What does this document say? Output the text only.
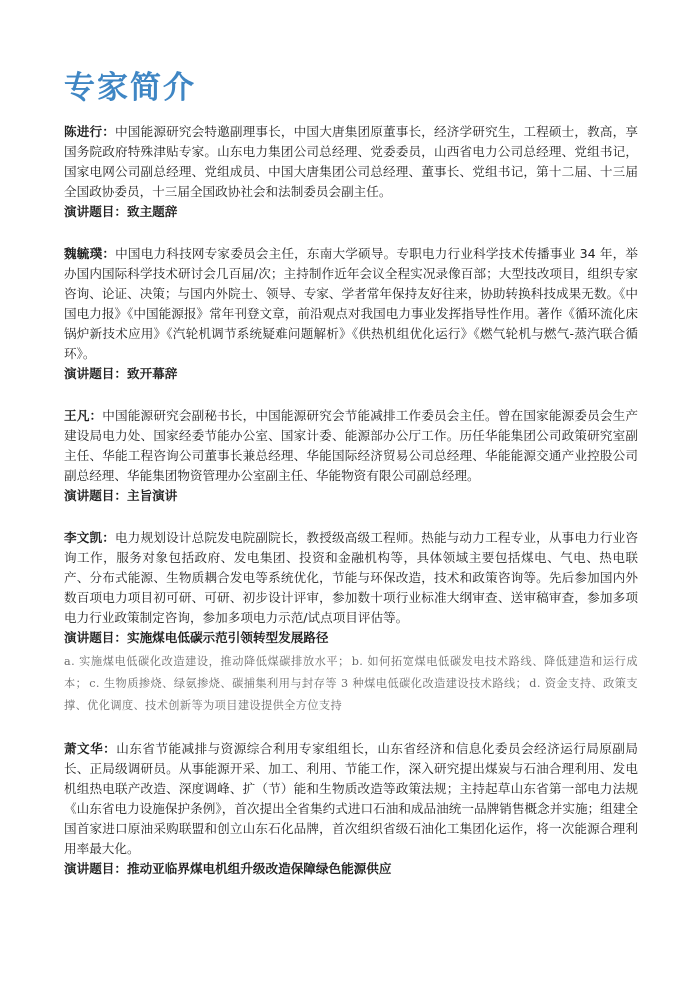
专家简介

陈进行：中国能源研究会特邀副理事长，中国大唐集团原董事长，经济学研究生，工程硕士，教高，享国务院政府特殊津贴专家。山东电力集团公司总经理、党委委员，山西省电力公司总经理、党组书记，国家电网公司副总经理、党组成员、中国大唐集团公司总经理、董事长、党组书记，第十二届、十三届全国政协委员，十三届全国政协社会和法制委员会副主任。

演讲题目：致主题辞

魏毓璞：中国电力科技网专家委员会主任，东南大学硕导。专职电力行业科学技术传播事业 34 年，举办国内国际科学技术研讨会几百届/次；主持制作近年会议全程实况录像百部；大型技改项目，组织专家咨询、论证、决策；与国内外院士、领导、专家、学者常年保持友好往来，协助转换科技成果无数。《中国电力报》《中国能源报》常年刊登文章，前沿观点对我国电力事业发挥指导性作用。著作《循环流化床锅炉新技术应用》《汽轮机调节系统疑难问题解析》《供热机组优化运行》《燃气轮机与燃气-蒸汽联合循环》。

演讲题目：致开幕辞

王凡：中国能源研究会副秘书长，中国能源研究会节能减排工作委员会主任。曾在国家能源委员会生产建设局电力处、国家经委节能办公室、国家计委、能源部办公厅工作。历任华能集团公司政策研究室副主任、华能工程咨询公司董事长兼总经理、华能国际经济贸易公司总经理、华能能源交通产业控股公司副总经理、华能集团物资管理办公室副主任、华能物资有限公司副总经理。

演讲题目：主旨演讲

李文凯：电力规划设计总院发电院副院长，教授级高级工程师。热能与动力工程专业，从事电力行业咨询工作，服务对象包括政府、发电集团、投资和金融机构等，具体领域主要包括煤电、气电、热电联产、分布式能源、生物质耦合发电等系统优化，节能与环保改造，技术和政策咨询等。先后参加国内外数百项电力项目初可研、可研、初步设计评审，参加数十项行业标准大纲审查、送审稿审查，参加多项电力行业政策制定咨询，参加多项电力示范/试点项目评估等。

演讲题目：实施煤电低碳示范引领转型发展路径

a. 实施煤电低碳化改造建设，推动降低煤碳排放水平； b. 如何拓宽煤电低碳发电技术路线、降低建造和运行成本； c. 生物质掺烧、绿氨掺烧、碳捕集利用与封存等 3 种煤电低碳化改造建设技术路线； d. 资金支持、政策支撑、优化调度、技术创新等为项目建设提供全方位支持

萧文华：山东省节能减排与资源综合利用专家组组长，山东省经济和信息化委员会经济运行局原副局长、正局级调研员。从事能源开采、加工、利用、节能工作，深入研究提出煤炭与石油合理利用、发电机组热电联产改造、深度调峰、扩（节）能和生物质改造等政策法规；主持起草山东省第一部电力法规《山东省电力设施保护条例》，首次提出全省集约式进口石油和成品油统一品牌销售概念并实施；组建全国首家进口原油采购联盟和创立山东石化品牌，首次组织省级石油化工集团化运作，将一次能源合理利用率最大化。

演讲题目：推动亚临界煤电机组升级改造保障绿色能源供应
